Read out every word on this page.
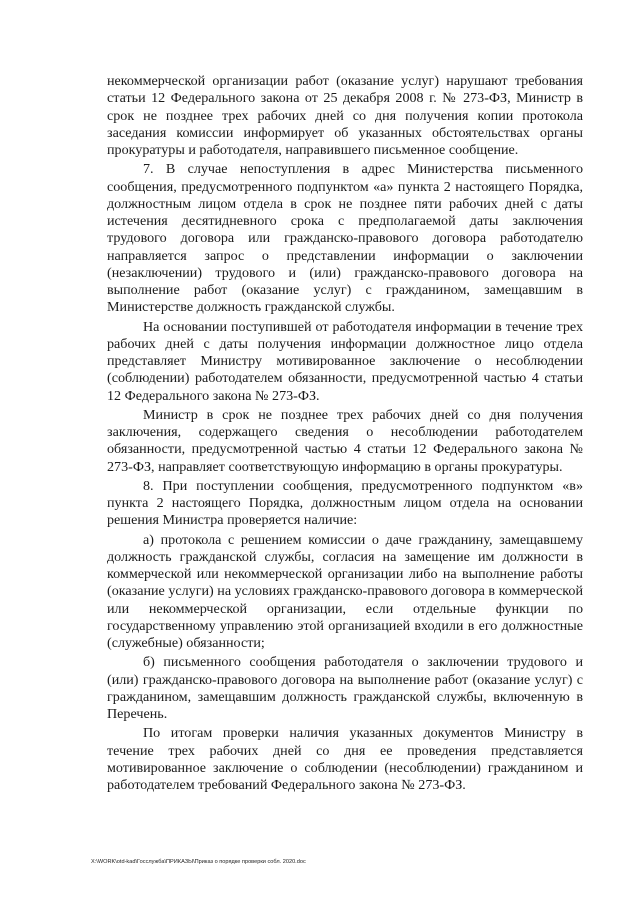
некоммерческой организации работ (оказание услуг) нарушают требования статьи 12 Федерального закона от 25 декабря 2008 г. № 273-ФЗ, Министр в срок не позднее трех рабочих дней со дня получения копии протокола заседания комиссии информирует об указанных обстоятельствах органы прокуратуры и работодателя, направившего письменное сообщение.

7. В случае непоступления в адрес Министерства письменного сообщения, предусмотренного подпунктом «а» пункта 2 настоящего Порядка, должностным лицом отдела в срок не позднее пяти рабочих дней с даты истечения десятидневного срока с предполагаемой даты заключения трудового договора или гражданско-правового договора работодателю направляется запрос о представлении информации о заключении (незаключении) трудового и (или) гражданско-правового договора на выполнение работ (оказание услуг) с гражданином, замещавшим в Министерстве должность гражданской службы.

На основании поступившей от работодателя информации в течение трех рабочих дней с даты получения информации должностное лицо отдела представляет Министру мотивированное заключение о несоблюдении (соблюдении) работодателем обязанности, предусмотренной частью 4 статьи 12 Федерального закона № 273-ФЗ.

Министр в срок не позднее трех рабочих дней со дня получения заключения, содержащего сведения о несоблюдении работодателем обязанности, предусмотренной частью 4 статьи 12 Федерального закона № 273-ФЗ, направляет соответствующую информацию в органы прокуратуры.

8. При поступлении сообщения, предусмотренного подпунктом «в» пункта 2 настоящего Порядка, должностным лицом отдела на основании решения Министра проверяется наличие:

а) протокола с решением комиссии о даче гражданину, замещавшему должность гражданской службы, согласия на замещение им должности в коммерческой или некоммерческой организации либо на выполнение работы (оказание услуги) на условиях гражданско-правового договора в коммерческой или некоммерческой организации, если отдельные функции по государственному управлению этой организацией входили в его должностные (служебные) обязанности;

б) письменного сообщения работодателя о заключении трудового и (или) гражданско-правового договора на выполнение работ (оказание услуг) с гражданином, замещавшим должность гражданской службы, включенную в Перечень.

По итогам проверки наличия указанных документов Министру в течение трех рабочих дней со дня ее проведения представляется мотивированное заключение о соблюдении (несоблюдении) гражданином и работодателем требований Федерального закона № 273-ФЗ.

X:\WORK\otd-kad\Госслужба\ПРИКАЗЫ\Приказ о порядке проверки собл. 2020.doc
